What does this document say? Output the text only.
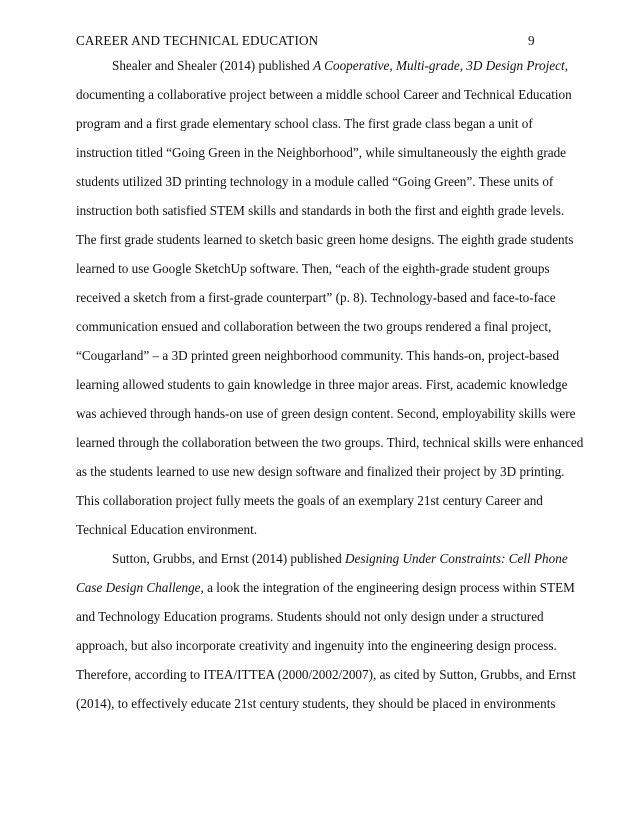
CAREER AND TECHNICAL EDUCATION	9
Shealer and Shealer (2014) published A Cooperative, Multi-grade, 3D Design Project,
documenting a collaborative project between a middle school Career and Technical Education
program and a first grade elementary school class. The first grade class began a unit of
instruction titled “Going Green in the Neighborhood”, while simultaneously the eighth grade
students utilized 3D printing technology in a module called “Going Green”. These units of
instruction both satisfied STEM skills and standards in both the first and eighth grade levels.
The first grade students learned to sketch basic green home designs. The eighth grade students
learned to use Google SketchUp software. Then, “each of the eighth-grade student groups
received a sketch from a first-grade counterpart” (p. 8). Technology-based and face-to-face
communication ensued and collaboration between the two groups rendered a final project,
“Cougarland” – a 3D printed green neighborhood community. This hands-on, project-based
learning allowed students to gain knowledge in three major areas. First, academic knowledge
was achieved through hands-on use of green design content. Second, employability skills were
learned through the collaboration between the two groups. Third, technical skills were enhanced
as the students learned to use new design software and finalized their project by 3D printing.
This collaboration project fully meets the goals of an exemplary 21st century Career and
Technical Education environment.
Sutton, Grubbs, and Ernst (2014) published Designing Under Constraints: Cell Phone
Case Design Challenge, a look the integration of the engineering design process within STEM
and Technology Education programs. Students should not only design under a structured
approach, but also incorporate creativity and ingenuity into the engineering design process.
Therefore, according to ITEA/ITTEA (2000/2002/2007), as cited by Sutton, Grubbs, and Ernst
(2014), to effectively educate 21st century students, they should be placed in environments
